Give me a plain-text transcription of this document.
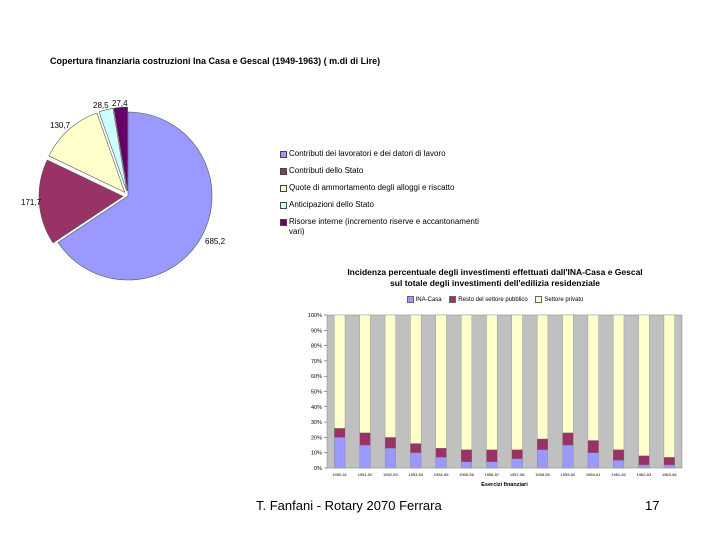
Copertura finanziaria costruzioni Ina Casa e Gescal (1949-1963) ( m.di di Lire)
685,2
171,7
130,7
28,5 27,4
Contributi dei lavoratori e dei datori di lavoro
Contributi dello Stato
Quote di ammortamento degli alloggi e riscatto
Anticipazioni dello Stato
Risorse interne (incremento riserve e accantonamenti vari)
Incidenza percentuale degli investimenti effettuati dall'INA-Casa e Gescal
sul totale degli investimenti dell'edilizia residenziale
INA-Casa
	Resto del settore pubblico
	Settore privato
0%
10%
20%
30%
40%
50%
60%
70%
80%
90%
100%
1950-51	1951-52	1952-53	1953-54	1954-55	1955-56	1956-57	1957-58	1958-59	1959-60	1960-61	1961-62	1962-63	1963-64
Esercizi finanziari
T. Fanfani - Rotary 2070 Ferrara	17
